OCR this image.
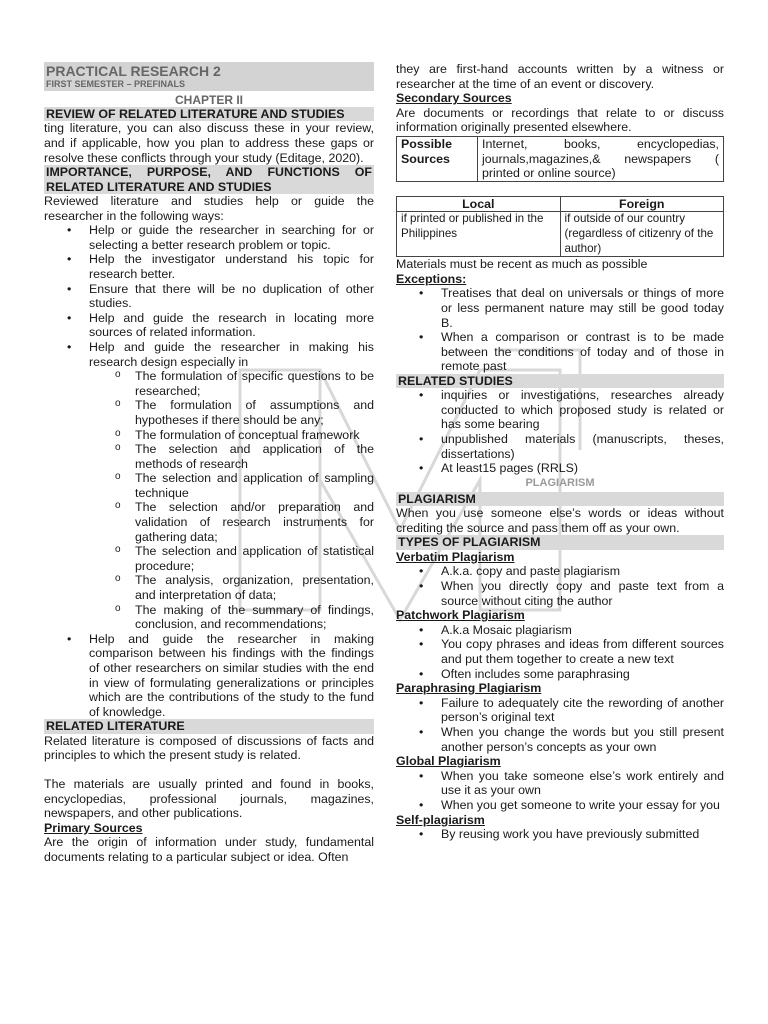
PRACTICAL RESEARCH 2
FIRST SEMESTER – PREFINALS
CHAPTER II
REVIEW OF RELATED LITERATURE AND STUDIES

ting literature, you can also discuss these in your review, and if applicable, how you plan to address these gaps or resolve these conflicts through your study (Editage, 2020).

IMPORTANCE, PURPOSE, AND FUNCTIONS OF RELATED LITERATURE AND STUDIES

Reviewed literature and studies help or guide the researcher in the following ways:

• Help or guide the researcher in searching for or selecting a better research problem or topic.
• Help the investigator understand his topic for research better.
• Ensure that there will be no duplication of other studies.
• Help and guide the research in locating more sources of related information.
• Help and guide the researcher in making his research design especially in
o The formulation of specific questions to be researched;
o The formulation of assumptions and hypotheses if there should be any;
o The formulation of conceptual framework
o The selection and application of the methods of research
o The selection and application of sampling technique
o The selection and/or preparation and validation of research instruments for gathering data;
o The selection and application of statistical procedure;
o The analysis, organization, presentation, and interpretation of data;
o The making of the summary of findings, conclusion, and recommendations;
• Help and guide the researcher in making comparison between his findings with the findings of other researchers on similar studies with the end in view of formulating generalizations or principles which are the contributions of the study to the fund of knowledge.
RELATED LITERATURE

Related literature is composed of discussions of facts and principles to which the present study is related.

The materials are usually printed and found in books, encyclopedias, professional journals, magazines, newspapers, and other publications.

Primary Sources

Are the origin of information under study, fundamental documents relating to a particular subject or idea. Often

they are first-hand accounts written by a witness or researcher at the time of an event or discovery.

Secondary Sources

Are documents or recordings that relate to or discuss information originally presented elsewhere.

Possible Sources	Internet, books, encyclopedias, journals,magazines,& newspapers ( printed or online source)
Local	Foreign
if printed or published in the Philippines	if outside of our country (regardless of citizenry of the author)

Materials must be recent as much as possible

Exceptions:
• Treatises that deal on universals or things of more or less permanent nature may still be good today B.
• When a comparison or contrast is to be made between the conditions of today and of those in remote past
RELATED STUDIES
• inquiries or investigations, researches already conducted to which proposed study is related or has some bearing
• unpublished materials (manuscripts, theses, dissertations)
• At least15 pages (RRLS)
PLAGIARISM
PLAGIARISM

When you use someone else’s words or ideas without crediting the source and pass them off as your own.

TYPES OF PLAGIARISM
Verbatim Plagiarism
• A.k.a. copy and paste plagiarism
• When you directly copy and paste text from a source without citing the author
Patchwork Plagiarism
• A.k.a Mosaic plagiarism
• You copy phrases and ideas from different sources and put them together to create a new text
• Often includes some paraphrasing
Paraphrasing Plagiarism
• Failure to adequately cite the rewording of another person’s original text
• When you change the words but you still present another person’s concepts as your own
Global Plagiarism
• When you take someone else’s work entirely and use it as your own
• When you get someone to write your essay for you
Self-plagiarism
• By reusing work you have previously submitted
